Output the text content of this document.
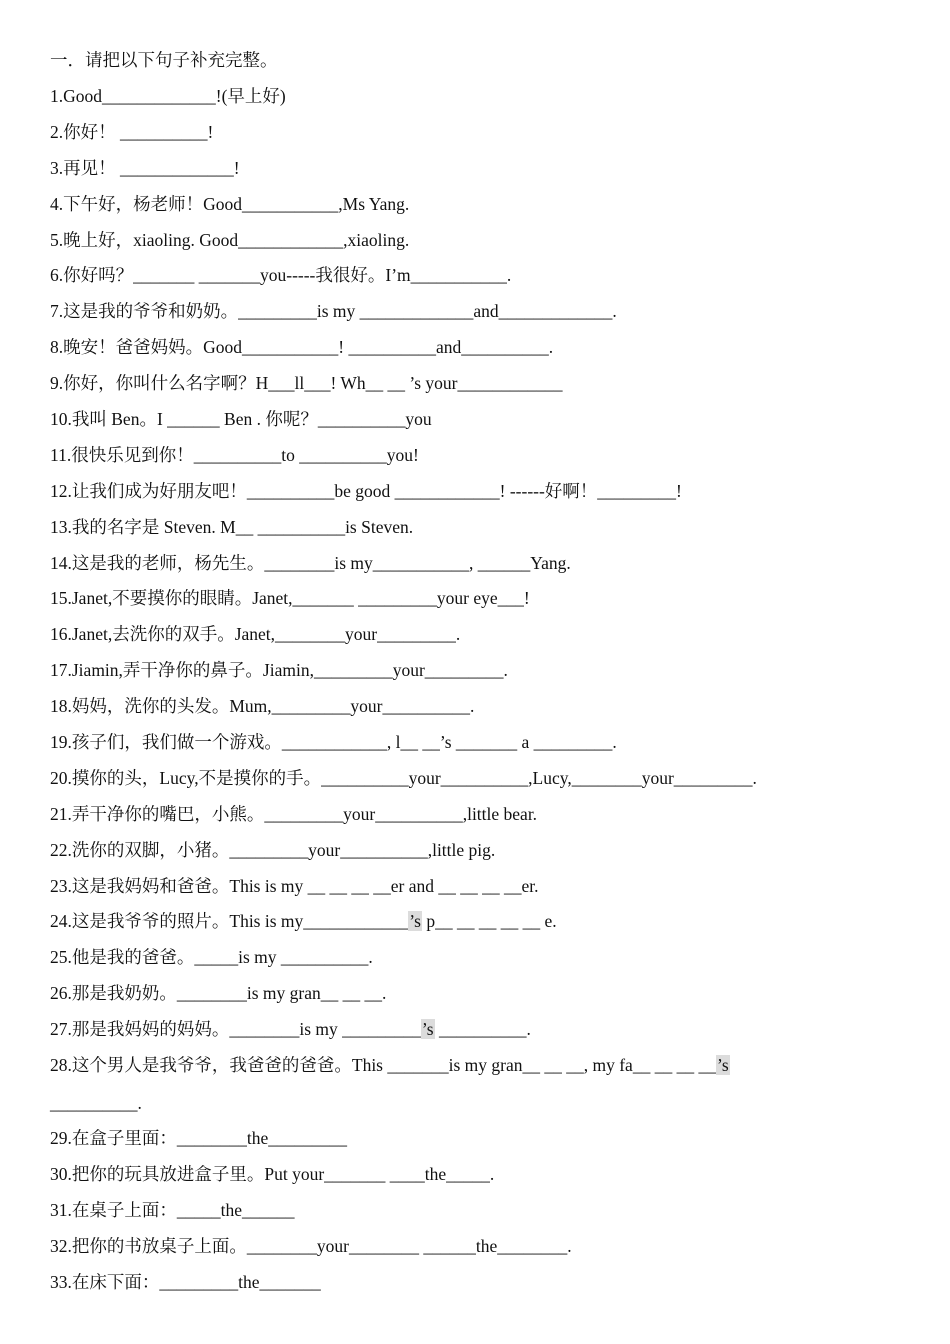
一．请把以下句子补充完整。
1.Good_____________!(早上好)
2.你好！ __________!
3.再见！ _____________!
4.下午好，杨老师！Good___________,Ms Yang.
5.晚上好，xiaoling. Good____________,xiaoling.
6.你好吗？_______ _______you-----我很好。I’m___________.
7.这是我的爷爷和奶奶。_________is my _____________and_____________.
8.晚安！爸爸妈妈。Good___________! __________and__________.
9.你好，你叫什么名字啊？H___ll___! Wh__ __ ’s your____________
10.我叫 Ben。I ______ Ben . 你呢？__________you
11.很快乐见到你！__________to __________you!
12.让我们成为好朋友吧！__________be good ____________! ------好啊！_________!
13.我的名字是 Steven. M__ __________is Steven.
14.这是我的老师，杨先生。________is my___________, ______Yang.
15.Janet,不要摸你的眼睛。Janet,_______ _________your eye___!
16.Janet,去洗你的双手。Janet,________your_________.
17.Jiamin,弄干净你的鼻子。Jiamin,_________your_________.
18.妈妈，洗你的头发。Mum,_________your__________.
19.孩子们，我们做一个游戏。____________, l__ __’s _______ a _________.
20.摸你的头，Lucy,不是摸你的手。__________your__________,Lucy,________your_________.
21.弄干净你的嘴巴，小熊。_________your__________,little bear.
22.洗你的双脚，小猪。_________your__________,little pig.
23.这是我妈妈和爸爸。This is my __ __ __ __er and __ __ __ __er.
24.这是我爷爷的照片。This is my____________’s p__ __ __ __ __ e.
25.他是我的爸爸。_____is my __________.
26.那是我奶奶。________is my gran__ __ __.
27.那是我妈妈的妈妈。________is my _________’s __________.
28.这个男人是我爷爷，我爸爸的爸爸。This _______is my gran__ __ __, my fa__ __ __ __’s
__________.
29.在盒子里面：________the_________
30.把你的玩具放进盒子里。Put your_______ ____the_____.
31.在桌子上面：_____the______
32.把你的书放桌子上面。________your________ ______the________.
33.在床下面：_________the_______
